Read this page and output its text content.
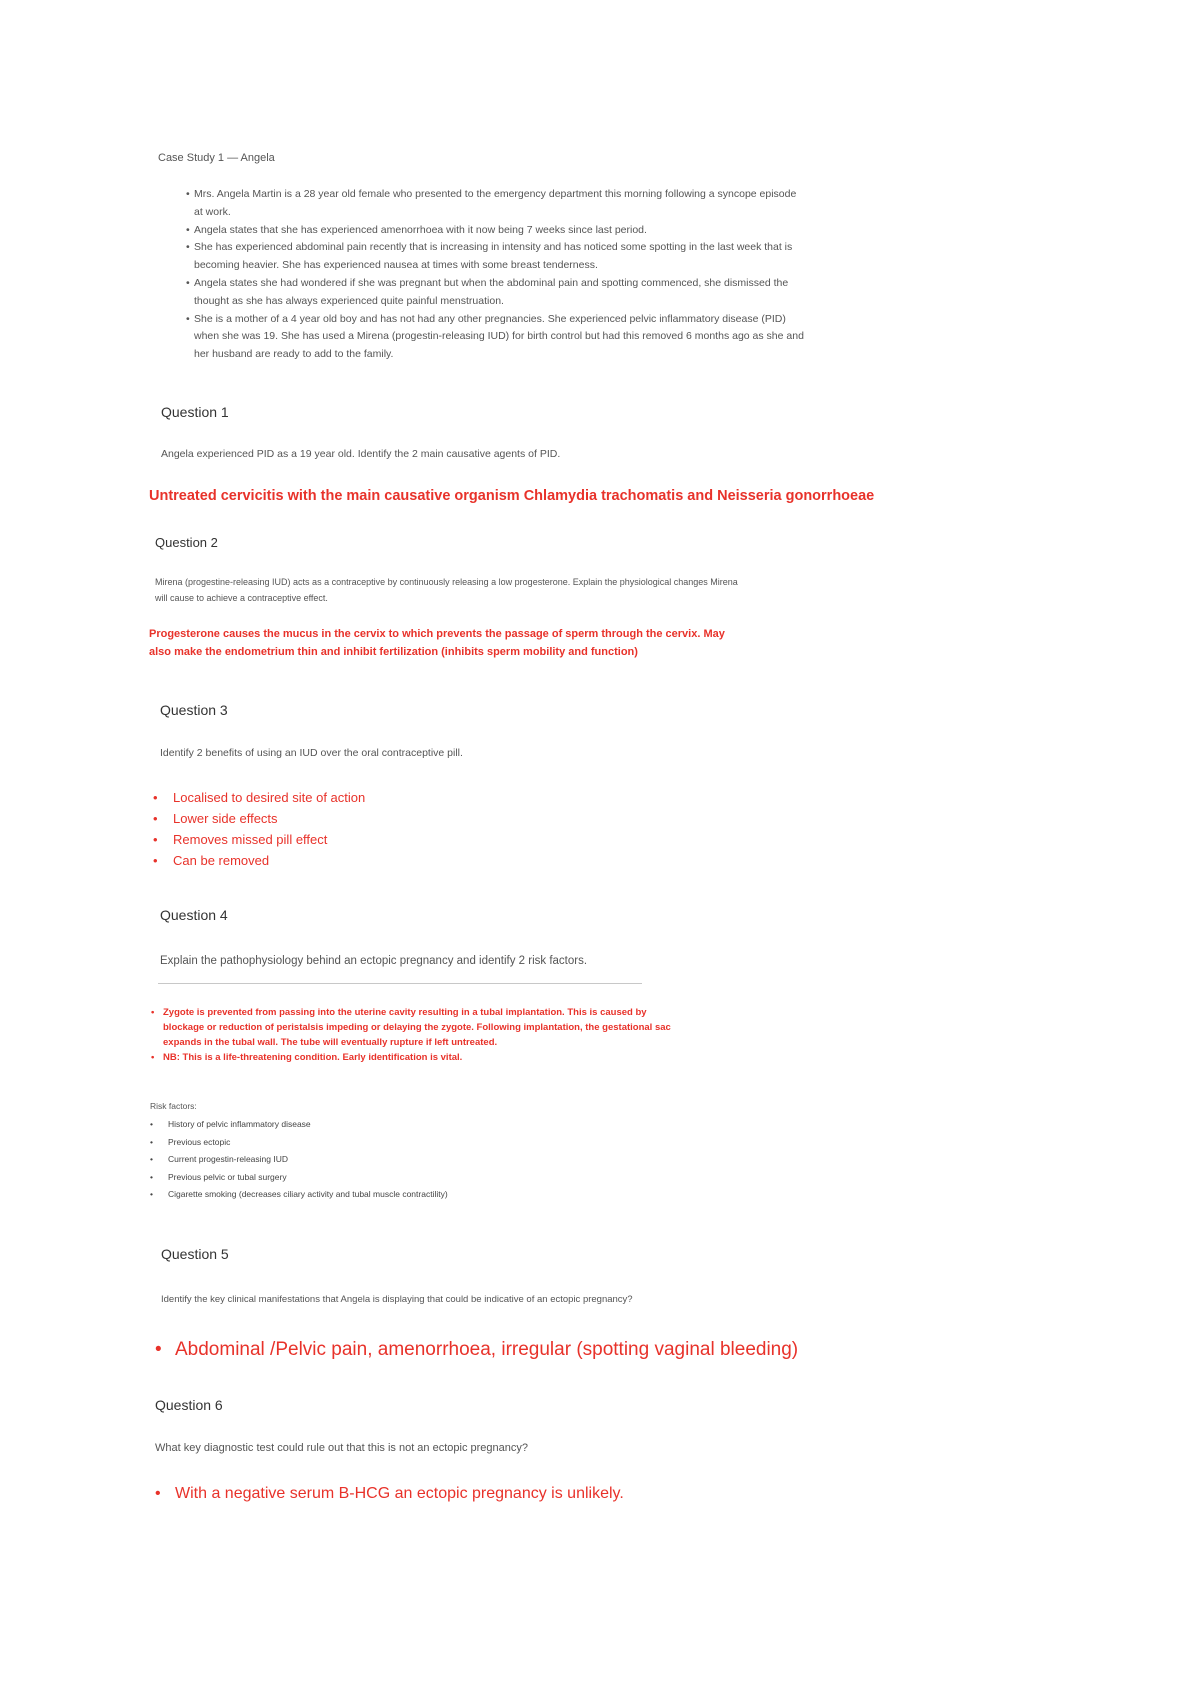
Case Study 1 — Angela

• Mrs. Angela Martin is a 28 year old female who presented to the emergency department this morning following a syncope episode at work.
• Angela states that she has experienced amenorrhoea with it now being 7 weeks since last period.
• She has experienced abdominal pain recently that is increasing in intensity and has noticed some spotting in the last week that is becoming heavier. She has experienced nausea at times with some breast tenderness.
• Angela states she had wondered if she was pregnant but when the abdominal pain and spotting commenced, she dismissed the thought as she has always experienced quite painful menstruation.
• She is a mother of a 4 year old boy and has not had any other pregnancies. She experienced pelvic inflammatory disease (PID) when she was 19. She has used a Mirena (progestin-releasing IUD) for birth control but had this removed 6 months ago as she and her husband are ready to add to the family.

Question 1

Angela experienced PID as a 19 year old. Identify the 2 main causative agents of PID.

Untreated cervicitis with the main causative organism Chlamydia trachomatis and Neisseria gonorrhoeae

Question 2

Mirena (progestine-releasing IUD) acts as a contraceptive by continuously releasing a low progesterone. Explain the physiological changes Mirena will cause to achieve a contraceptive effect.

Progesterone causes the mucus in the cervix to which prevents the passage of sperm through the cervix. May also make the endometrium thin and inhibit fertilization (inhibits sperm mobility and function)

Question 3

Identify 2 benefits of using an IUD over the oral contraceptive pill.

• Localised to desired site of action
• Lower side effects
• Removes missed pill effect
• Can be removed

Question 4

Explain the pathophysiology behind an ectopic pregnancy and identify 2 risk factors.

• Zygote is prevented from passing into the uterine cavity resulting in a tubal implantation. This is caused by blockage or reduction of peristalsis impeding or delaying the zygote. Following implantation, the gestational sac expands in the tubal wall. The tube will eventually rupture if left untreated.
• NB: This is a life-threatening condition. Early identification is vital.

Risk factors:

• History of pelvic inflammatory disease
• Previous ectopic
• Current progestin-releasing IUD
• Previous pelvic or tubal surgery
• Cigarette smoking (decreases ciliary activity and tubal muscle contractility)

Question 5

Identify the key clinical manifestations that Angela is displaying that could be indicative of an ectopic pregnancy?

• Abdominal /Pelvic pain, amenorrhoea, irregular (spotting vaginal bleeding)

Question 6

What key diagnostic test could rule out that this is not an ectopic pregnancy?

• With a negative serum B-HCG an ectopic pregnancy is unlikely.
